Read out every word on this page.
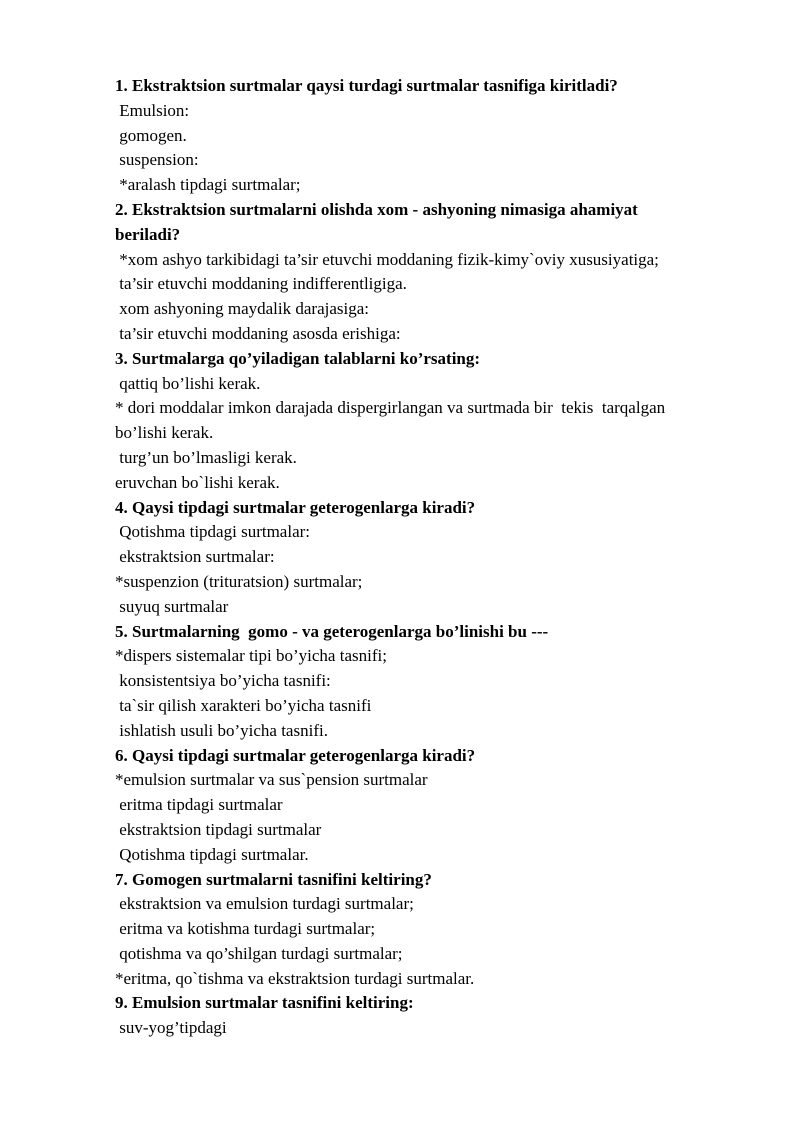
1. Ekstraktsion surtmalar qaysi turdagi surtmalar tasnifiga kiritladi?
Emulsion:
gomogen.
suspension:
*aralash tipdagi surtmalar;
2. Ekstraktsion surtmalarni olishda xom - ashyoning nimasiga ahamiyat
beriladi?
*xom ashyo tarkibidagi ta’sir etuvchi moddaning fizik-kimy`oviy xususiyatiga;
ta’sir etuvchi moddaning indifferentligiga.
xom ashyoning maydalik darajasiga:
ta’sir etuvchi moddaning asosda erishiga:
3. Surtmalarga qo’yiladigan talablarni ko’rsating:
qattiq bo’lishi kerak.
* dori moddalar imkon darajada dispergirlangan va surtmada bir  tekis  tarqalgan
bo’lishi kerak.
turg’un bo’lmasligi kerak.
eruvchan bo`lishi kerak.
4. Qaysi tipdagi surtmalar geterogenlarga kiradi?
Qotishma tipdagi surtmalar:
ekstraktsion surtmalar:
*suspenzion (trituratsion) surtmalar;
suyuq surtmalar
5. Surtmalarning  gomo - va geterogenlarga bo’linishi bu ---
*dispers sistemalar tipi bo’yicha tasnifi;
konsistentsiya bo’yicha tasnifi:
ta`sir qilish xarakteri bo’yicha tasnifi
ishlatish usuli bo’yicha tasnifi.
6. Qaysi tipdagi surtmalar geterogenlarga kiradi?
*emulsion surtmalar va sus`pension surtmalar
eritma tipdagi surtmalar
ekstraktsion tipdagi surtmalar
Qotishma tipdagi surtmalar.
7. Gomogen surtmalarni tasnifini keltiring?
ekstraktsion va emulsion turdagi surtmalar;
eritma va kotishma turdagi surtmalar;
qotishma va qo’shilgan turdagi surtmalar;
*eritma, qo`tishma va ekstraktsion turdagi surtmalar.
9. Emulsion surtmalar tasnifini keltiring:
suv-yog’tipdagi
